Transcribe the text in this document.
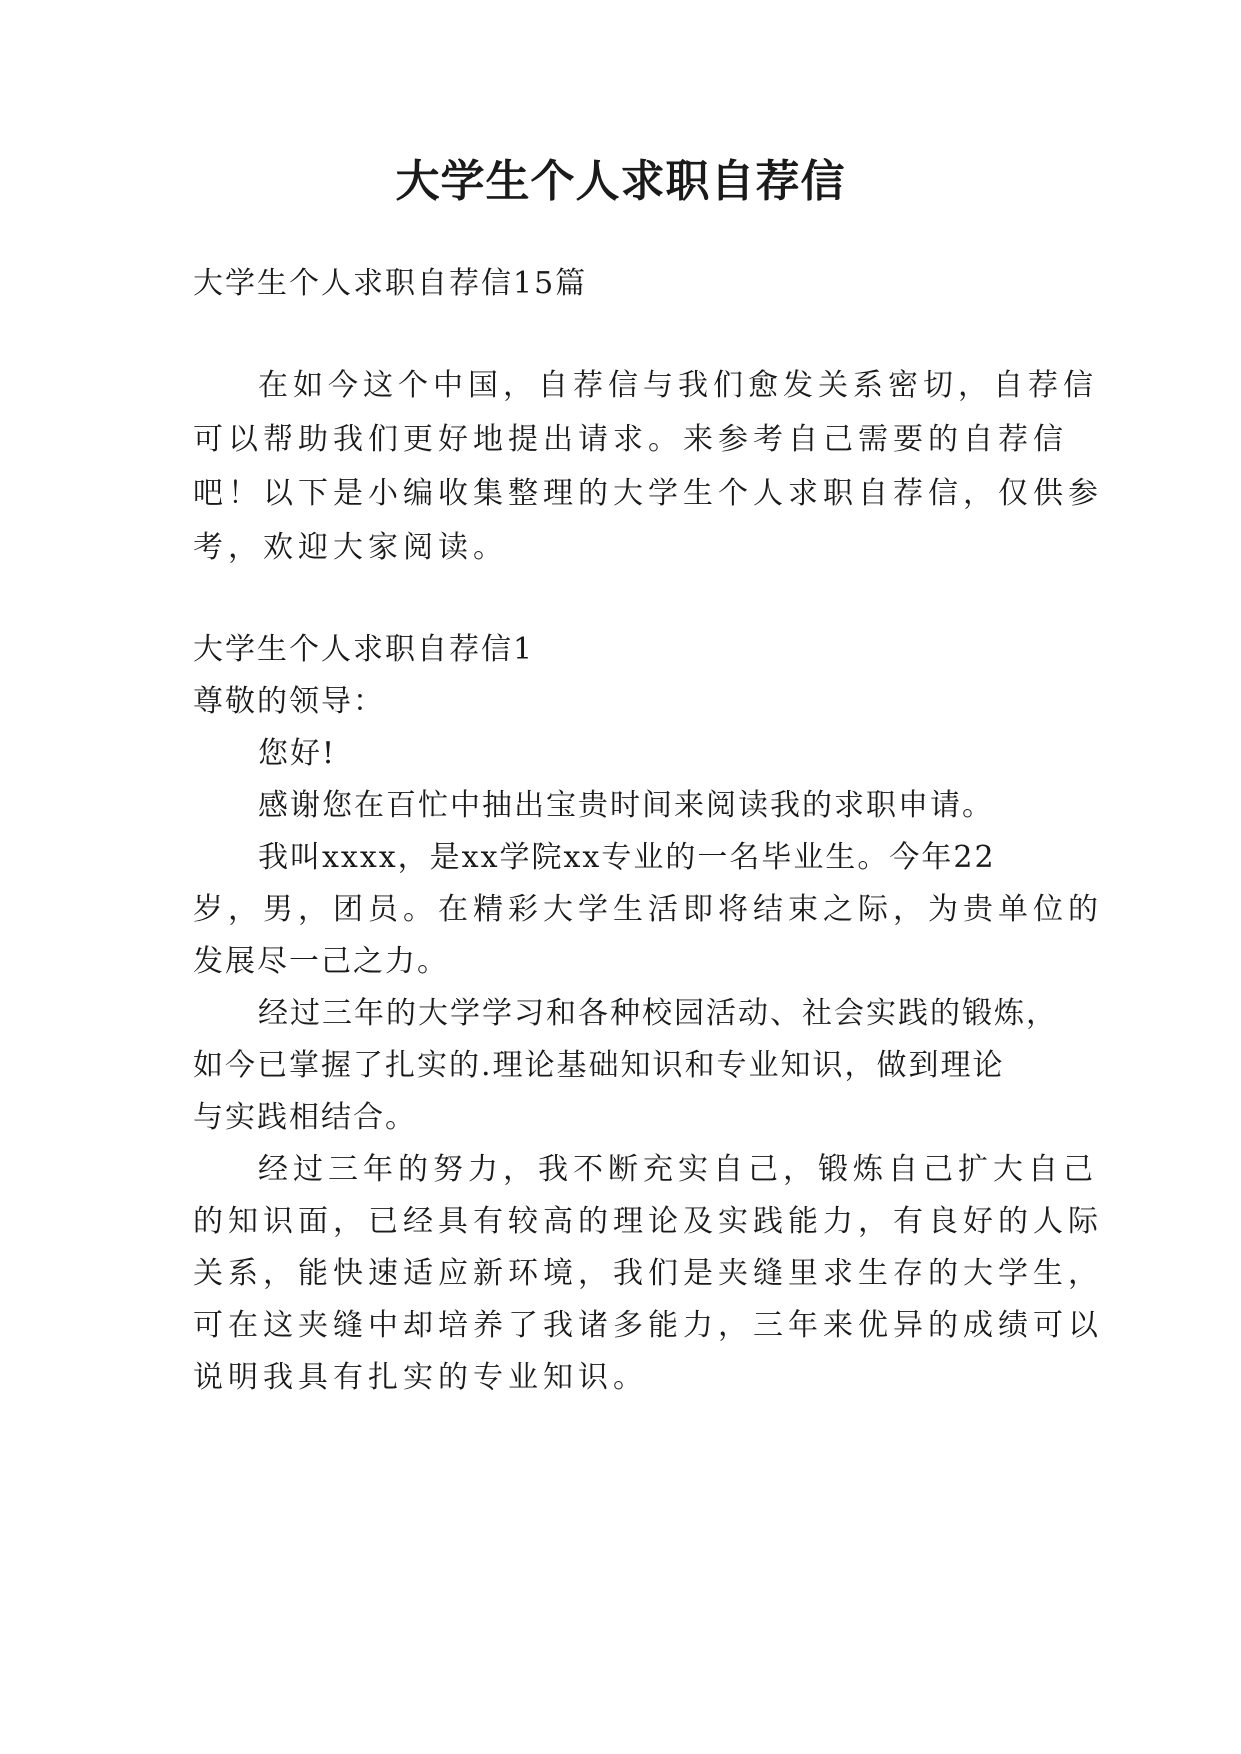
大学生个人求职自荐信

大学生个人求职自荐信15篇

在如今这个中国，自荐信与我们愈发关系密切，自荐信

可以帮助我们更好地提出请求。来参考自己需要的自荐信

吧！以下是小编收集整理的大学生个人求职自荐信，仅供参

考，欢迎大家阅读。

大学生个人求职自荐信1

尊敬的领导：

您好!

感谢您在百忙中抽出宝贵时间来阅读我的求职申请。

我叫xxxx，是xx学院xx专业的一名毕业生。今年22

岁，男，团员。在精彩大学生活即将结束之际，为贵单位的

发展尽一己之力。

经过三年的大学学习和各种校园活动、社会实践的锻炼，

如今已掌握了扎实的.理论基础知识和专业知识，做到理论

与实践相结合。

经过三年的努力，我不断充实自己，锻炼自己扩大自己

的知识面，已经具有较高的理论及实践能力，有良好的人际

关系，能快速适应新环境，我们是夹缝里求生存的大学生，

可在这夹缝中却培养了我诸多能力，三年来优异的成绩可以

说明我具有扎实的专业知识。
